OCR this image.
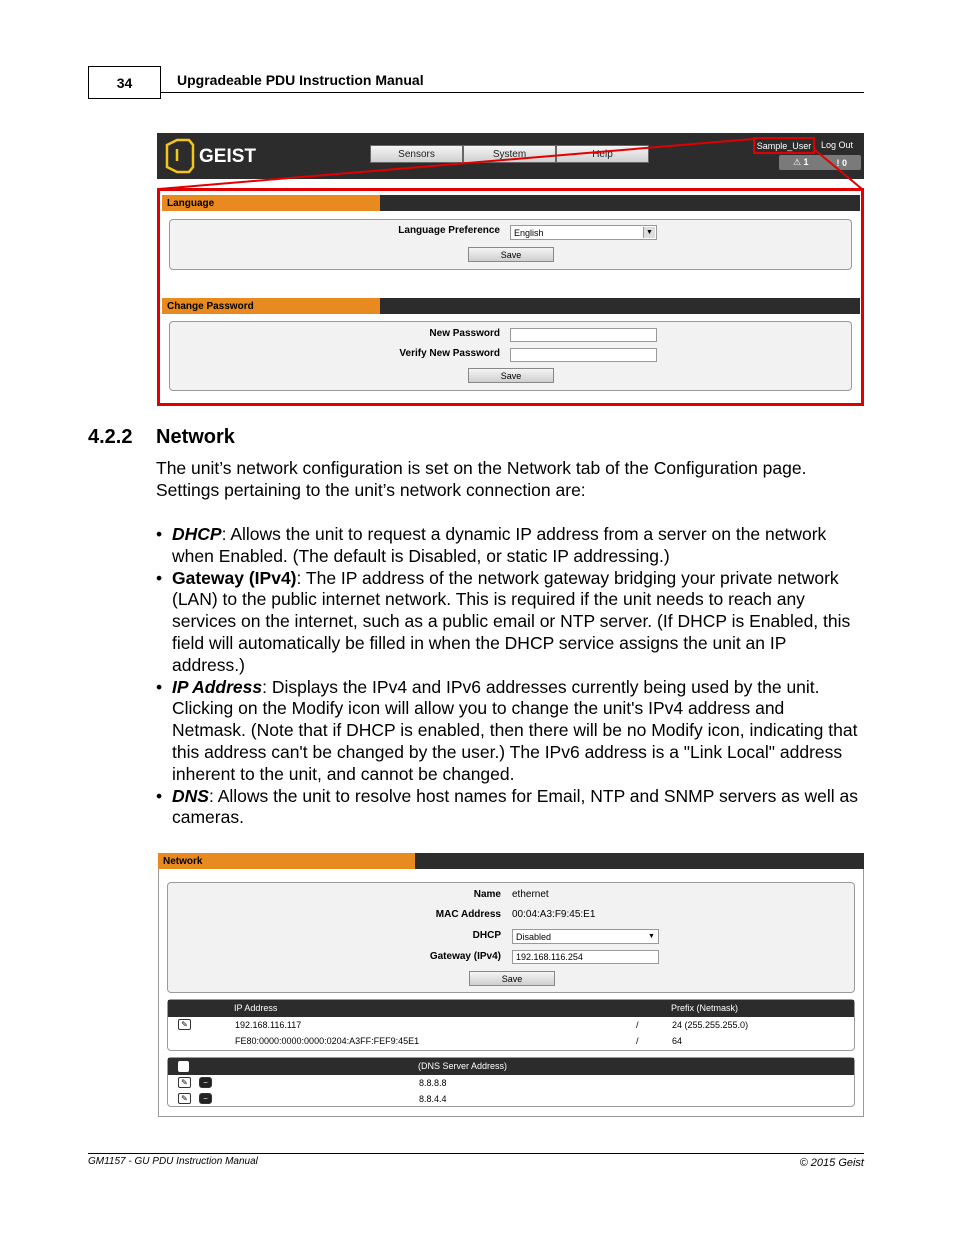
34	Upgradeable PDU Instruction Manual
GEIST	Sensors	System	Help
Sample_User	Log Out
⚠ 1	! 0
Language
Language Preference English	▼
Save
Change Password
New Password
Verify New Password
Save
4.2.2 Network
The unit’s network configuration is set on the Network tab of the Configuration page. Settings pertaining to the unit’s network connection are:
• DHCP: Allows the unit to request a dynamic IP address from a server on the network when Enabled. (The default is Disabled, or static IP addressing.)
• Gateway (IPv4): The IP address of the network gateway bridging your private network (LAN) to the public internet network. This is required if the unit needs to reach any services on the internet, such as a public email or NTP server. (If DHCP is Enabled, this field will automatically be filled in when the DHCP service assigns the unit an IP address.)
• IP Address: Displays the IPv4 and IPv6 addresses currently being used by the unit. Clicking on the Modify icon will allow you to change the unit's IPv4 address and Netmask. (Note that if DHCP is enabled, then there will be no Modify icon, indicating that this address can't be changed by the user.) The IPv6 address is a "Link Local" address inherent to the unit, and cannot be changed.
• DNS: Allows the unit to resolve host names for Email, NTP and SNMP servers as well as cameras.
Network
Name ethernet
MAC Address 00:04:A3:F9:45:E1
DHCP Disabled	▼
Gateway (IPv4)	192.168.116.254
Save
IP Address	Prefix (Netmask)
✎	192.168.116.117	/	24 (255.255.255.0)
FE80:0000:0000:0000:0204:A3FF:FEF9:45E1	/	64
+	(DNS Server Address)
✎	−	8.8.8.8
✎	−	8.8.4.4
GM1157 - GU PDU Instruction Manual	© 2015 Geist
